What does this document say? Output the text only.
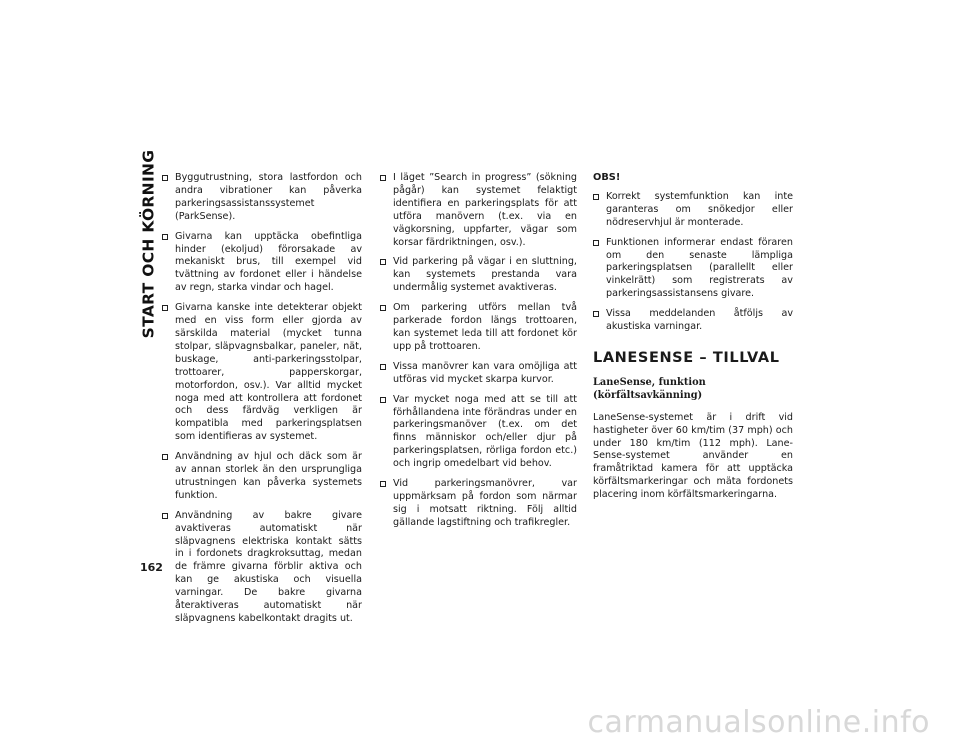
START OCH KÖRNING	Byggutrustning, stora lastfordon och andra vibrationer kan påverka parkeringsassistanssystemet (ParkSense).
Givarna kan upptäcka obefintliga hinder (ekoljud) förorsakade av mekaniskt brus, till exempel vid tvättning av fordonet eller i händelse av regn, starka vindar och hagel.
Givarna kanske inte detekterar objekt med en viss form eller gjorda av särskilda material (mycket tunna stolpar, släpvagnsbalkar, paneler, nät, buskage, anti-parkeringsstolpar, trottoarer, papperskorgar, motorfordon, osv.). Var alltid mycket noga med att kontrollera att fordonet och dess färdväg verkligen är kompatibla med parkeringsplatsen som identifieras av systemet.
Användning av hjul och däck som är av annan storlek än den ursprungliga utrustningen kan påverka systemets funktion.
Användning av bakre givare avaktiveras automatiskt när släpvagnens elektriska kontakt sätts in i fordonets dragkroksuttag, medan de främre givarna förblir aktiva och kan ge akustiska och visuella varningar. De bakre givarna återaktiveras automatiskt när släpvagnens kabelkontakt dragits ut.
I läget ”Search in progress” (sökning pågår) kan systemet felaktigt identifiera en parkeringsplats för att utföra manövern (t.ex. via en vägkorsning, uppfarter, vägar som korsar färdriktningen, osv.).
Vid parkering på vägar i en sluttning, kan systemets prestanda vara undermålig systemet avaktiveras.
Om parkering utförs mellan två parkerade fordon längs trottoaren, kan systemet leda till att fordonet kör upp på trottoaren.
Vissa manövrer kan vara omöjliga att utföras vid mycket skarpa kurvor.
Var mycket noga med att se till att förhållandena inte förändras under en parkeringsmanöver (t.ex. om det finns människor och/eller djur på parkeringsplatsen, rörliga fordon etc.) och ingrip omedelbart vid behov.
Vid parkeringsmanövrer, var uppmärksam på fordon som närmar sig i motsatt riktning. Följ alltid gällande lagstiftning och trafikregler.
OBS!
Korrekt systemfunktion kan inte garanteras om snökedjor eller nödreservhjul är monterade.
Funktionen informerar endast föraren om den senaste lämpliga parkeringsplatsen (parallellt eller vinkelrätt) som registrerats av parkeringsassistansens givare.
Vissa meddelanden åtföljs av akustiska varningar.
LANESENSE – TILLVAL
LaneSense, funktion (körfältsavkänning)

LaneSense-systemet är i drift vid hastigheter över 60 km/tim (37 mph) och under 180 km/tim (112 mph). LaneSense-systemet använder en framåtriktad kamera för att upptäcka körfältsmarkeringar och mäta fordonets placering inom körfältsmarkeringarna.

162
carmanualsonline.info
